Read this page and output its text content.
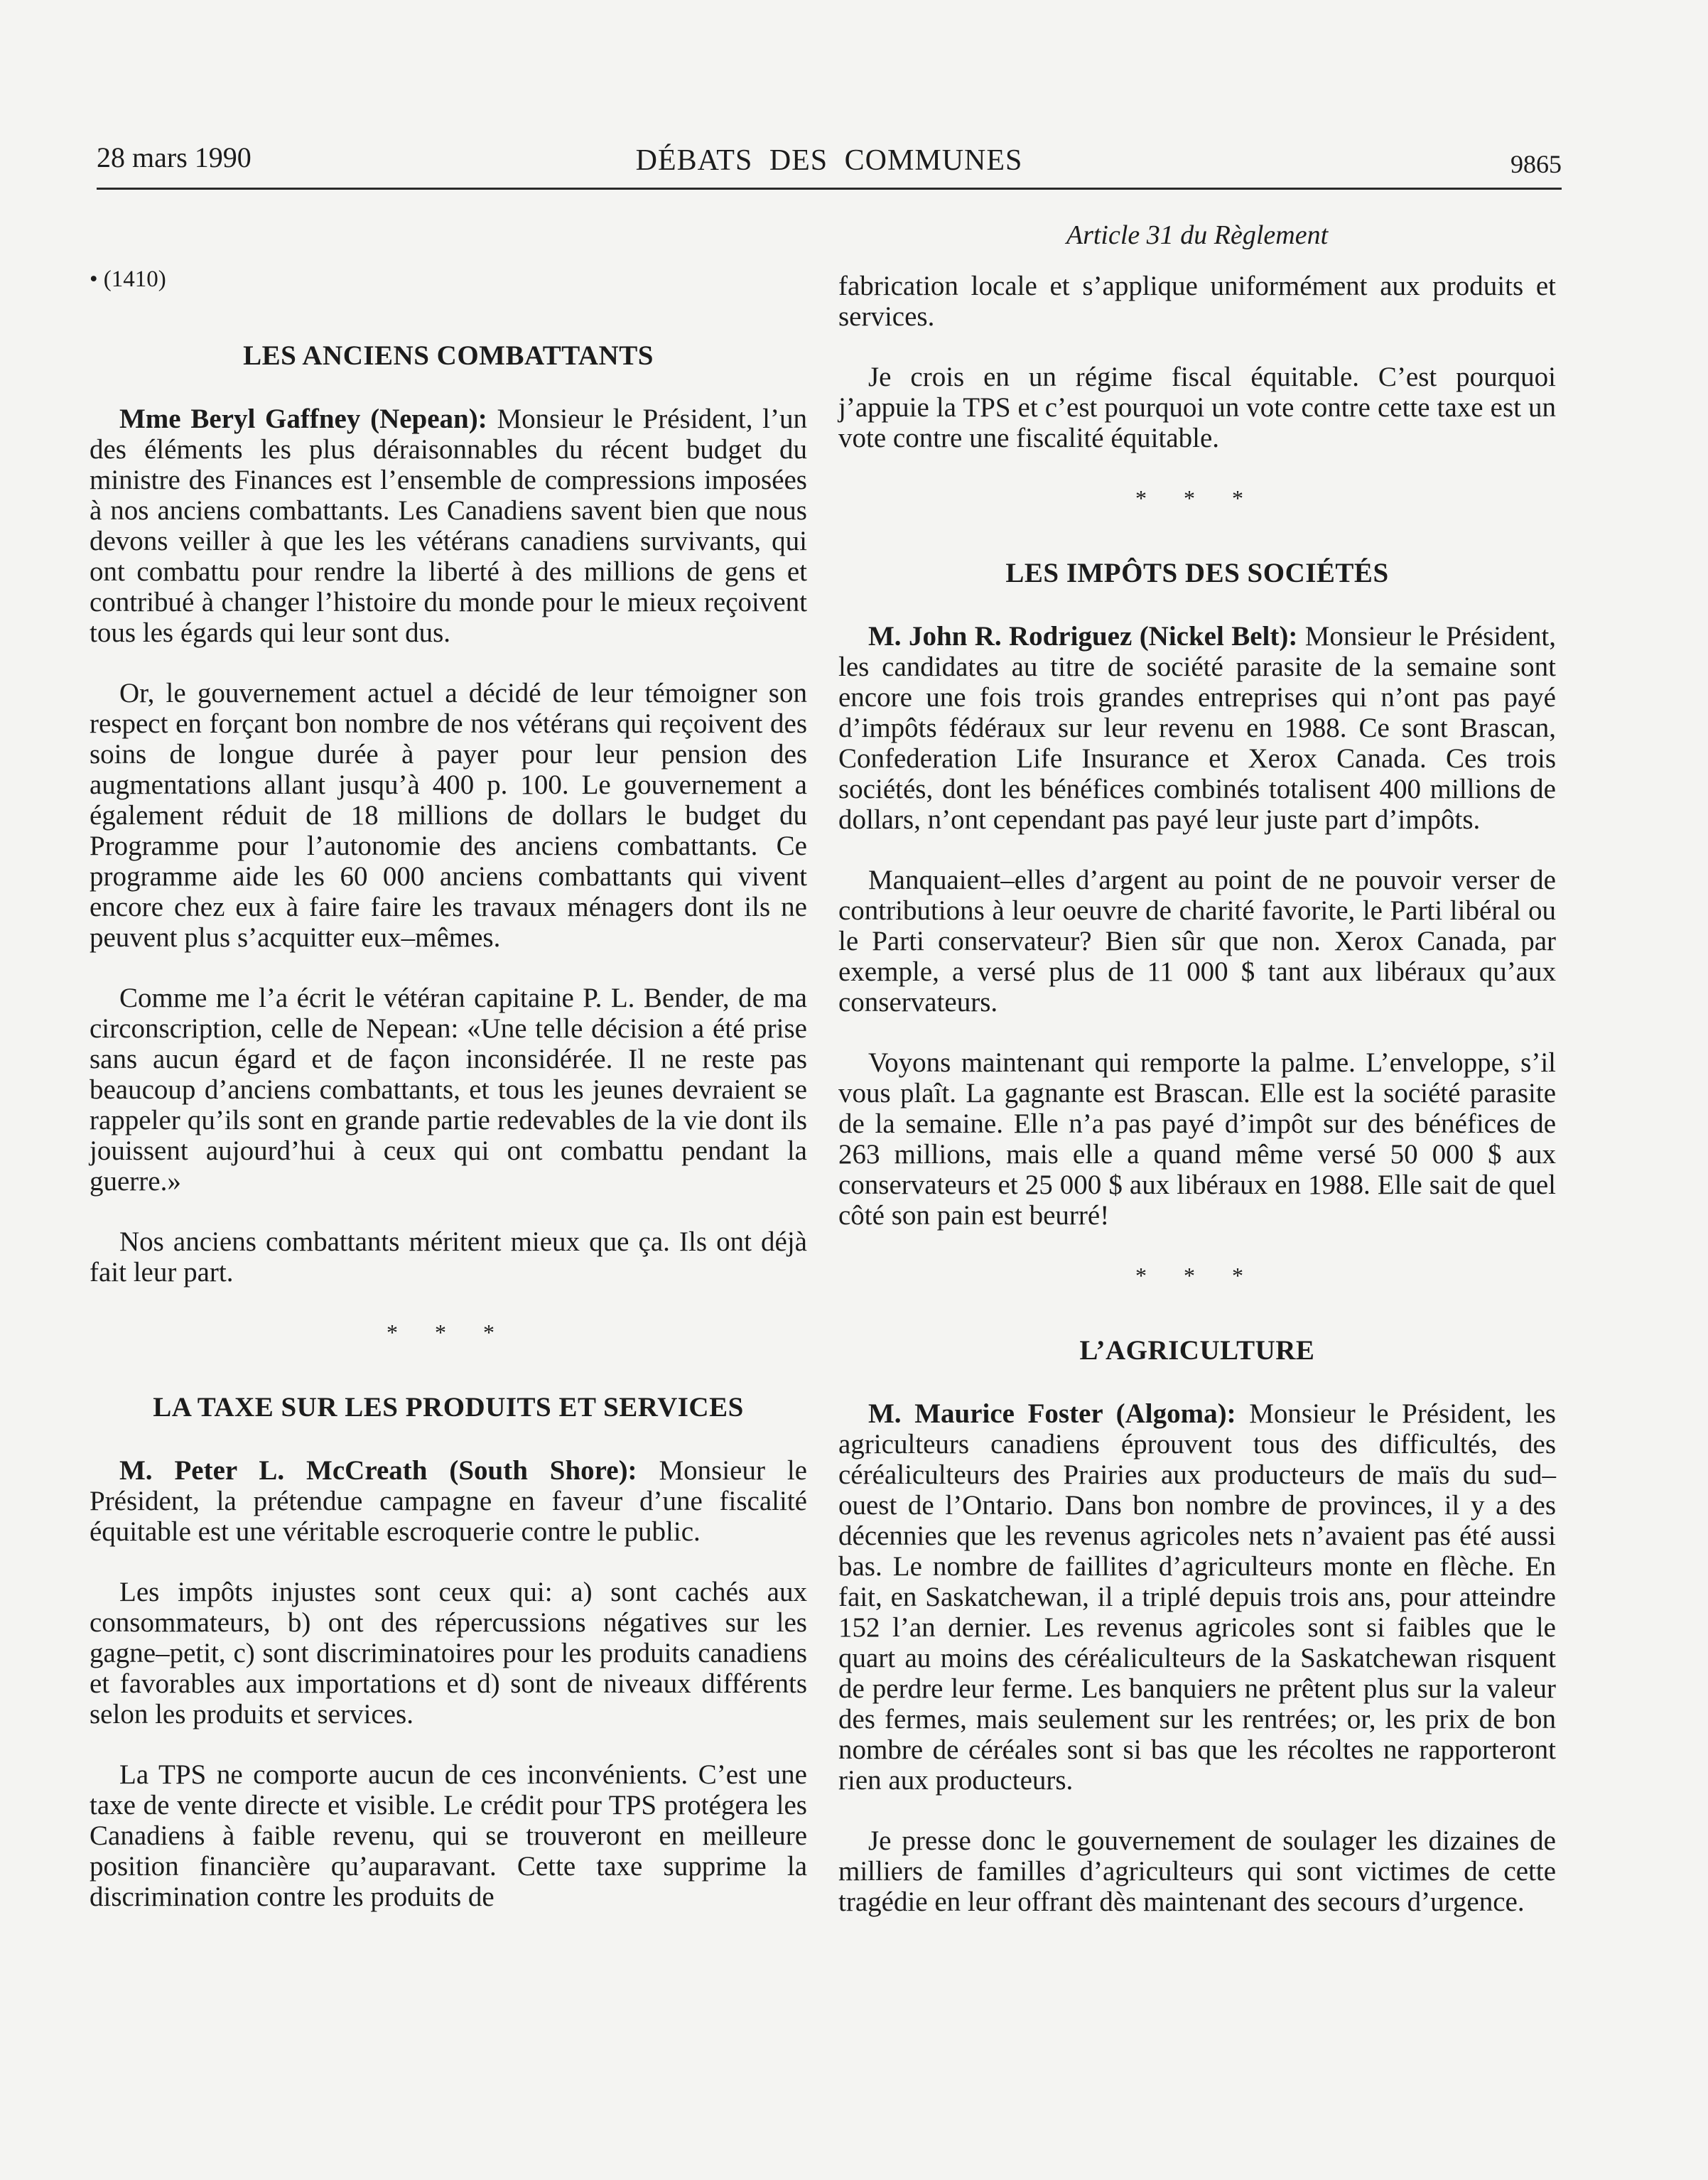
28 mars 1990	DÉBATS DES COMMUNES	9865
• (1410)
LES ANCIENS COMBATTANTS

Mme Beryl Gaffney (Nepean): Monsieur le Président, l’un des éléments les plus déraisonnables du récent budget du ministre des Finances est l’ensemble de compressions imposées à nos anciens combattants. Les Canadiens savent bien que nous devons veiller à que les les vétérans canadiens survivants, qui ont combattu pour rendre la liberté à des millions de gens et contribué à changer l’histoire du monde pour le mieux reçoivent tous les égards qui leur sont dus.

Or, le gouvernement actuel a décidé de leur témoigner son respect en forçant bon nombre de nos vétérans qui reçoivent des soins de longue durée à payer pour leur pension des augmentations allant jusqu’à 400 p. 100. Le gouvernement a également réduit de 18 millions de dollars le budget du Programme pour l’autonomie des anciens combattants. Ce programme aide les 60 000 anciens combattants qui vivent encore chez eux à faire faire les travaux ménagers dont ils ne peuvent plus s’acquitter eux–mêmes.

Comme me l’a écrit le vétéran capitaine P. L. Bender, de ma circonscription, celle de Nepean: «Une telle décision a été prise sans aucun égard et de façon inconsidérée. Il ne reste pas beaucoup d’anciens combattants, et tous les jeunes devraient se rappeler qu’ils sont en grande partie redevables de la vie dont ils jouissent aujourd’hui à ceux qui ont combattu pendant la guerre.»

Nos anciens combattants méritent mieux que ça. Ils ont déjà fait leur part.

* * *
LA TAXE SUR LES PRODUITS ET SERVICES

M. Peter L. McCreath (South Shore): Monsieur le Président, la prétendue campagne en faveur d’une fiscalité équitable est une véritable escroquerie contre le public.

Les impôts injustes sont ceux qui: a) sont cachés aux consommateurs, b) ont des répercussions négatives sur les gagne–petit, c) sont discriminatoires pour les produits canadiens et favorables aux importations et d) sont de niveaux différents selon les produits et services.

La TPS ne comporte aucun de ces inconvénients. C’est une taxe de vente directe et visible. Le crédit pour TPS protégera les Canadiens à faible revenu, qui se trouveront en meilleure position financière qu’auparavant. Cette taxe supprime la discrimination contre les produits de

Article 31 du Règlement

fabrication locale et s’applique uniformément aux produits et services.

Je crois en un régime fiscal équitable. C’est pourquoi j’appuie la TPS et c’est pourquoi un vote contre cette taxe est un vote contre une fiscalité équitable.

* * *
LES IMPÔTS DES SOCIÉTÉS

M. John R. Rodriguez (Nickel Belt): Monsieur le Président, les candidates au titre de société parasite de la semaine sont encore une fois trois grandes entreprises qui n’ont pas payé d’impôts fédéraux sur leur revenu en 1988. Ce sont Brascan, Confederation Life Insurance et Xerox Canada. Ces trois sociétés, dont les bénéfices combinés totalisent 400 millions de dollars, n’ont cependant pas payé leur juste part d’impôts.

Manquaient–elles d’argent au point de ne pouvoir verser de contributions à leur oeuvre de charité favorite, le Parti libéral ou le Parti conservateur? Bien sûr que non. Xerox Canada, par exemple, a versé plus de 11 000 $ tant aux libéraux qu’aux conservateurs.

Voyons maintenant qui remporte la palme. L’enveloppe, s’il vous plaît. La gagnante est Brascan. Elle est la société parasite de la semaine. Elle n’a pas payé d’impôt sur des bénéfices de 263 millions, mais elle a quand même versé 50 000 $ aux conservateurs et 25 000 $ aux libéraux en 1988. Elle sait de quel côté son pain est beurré!

* * *
L’AGRICULTURE

M. Maurice Foster (Algoma): Monsieur le Président, les agriculteurs canadiens éprouvent tous des difficultés, des céréaliculteurs des Prairies aux producteurs de maïs du sud–ouest de l’Ontario. Dans bon nombre de provinces, il y a des décennies que les revenus agricoles nets n’avaient pas été aussi bas. Le nombre de faillites d’agriculteurs monte en flèche. En fait, en Saskatchewan, il a triplé depuis trois ans, pour atteindre 152 l’an dernier. Les revenus agricoles sont si faibles que le quart au moins des céréaliculteurs de la Saskatchewan risquent de perdre leur ferme. Les banquiers ne prêtent plus sur la valeur des fermes, mais seulement sur les rentrées; or, les prix de bon nombre de céréales sont si bas que les récoltes ne rapporteront rien aux producteurs.

Je presse donc le gouvernement de soulager les dizaines de milliers de familles d’agriculteurs qui sont victimes de cette tragédie en leur offrant dès maintenant des secours d’urgence.
